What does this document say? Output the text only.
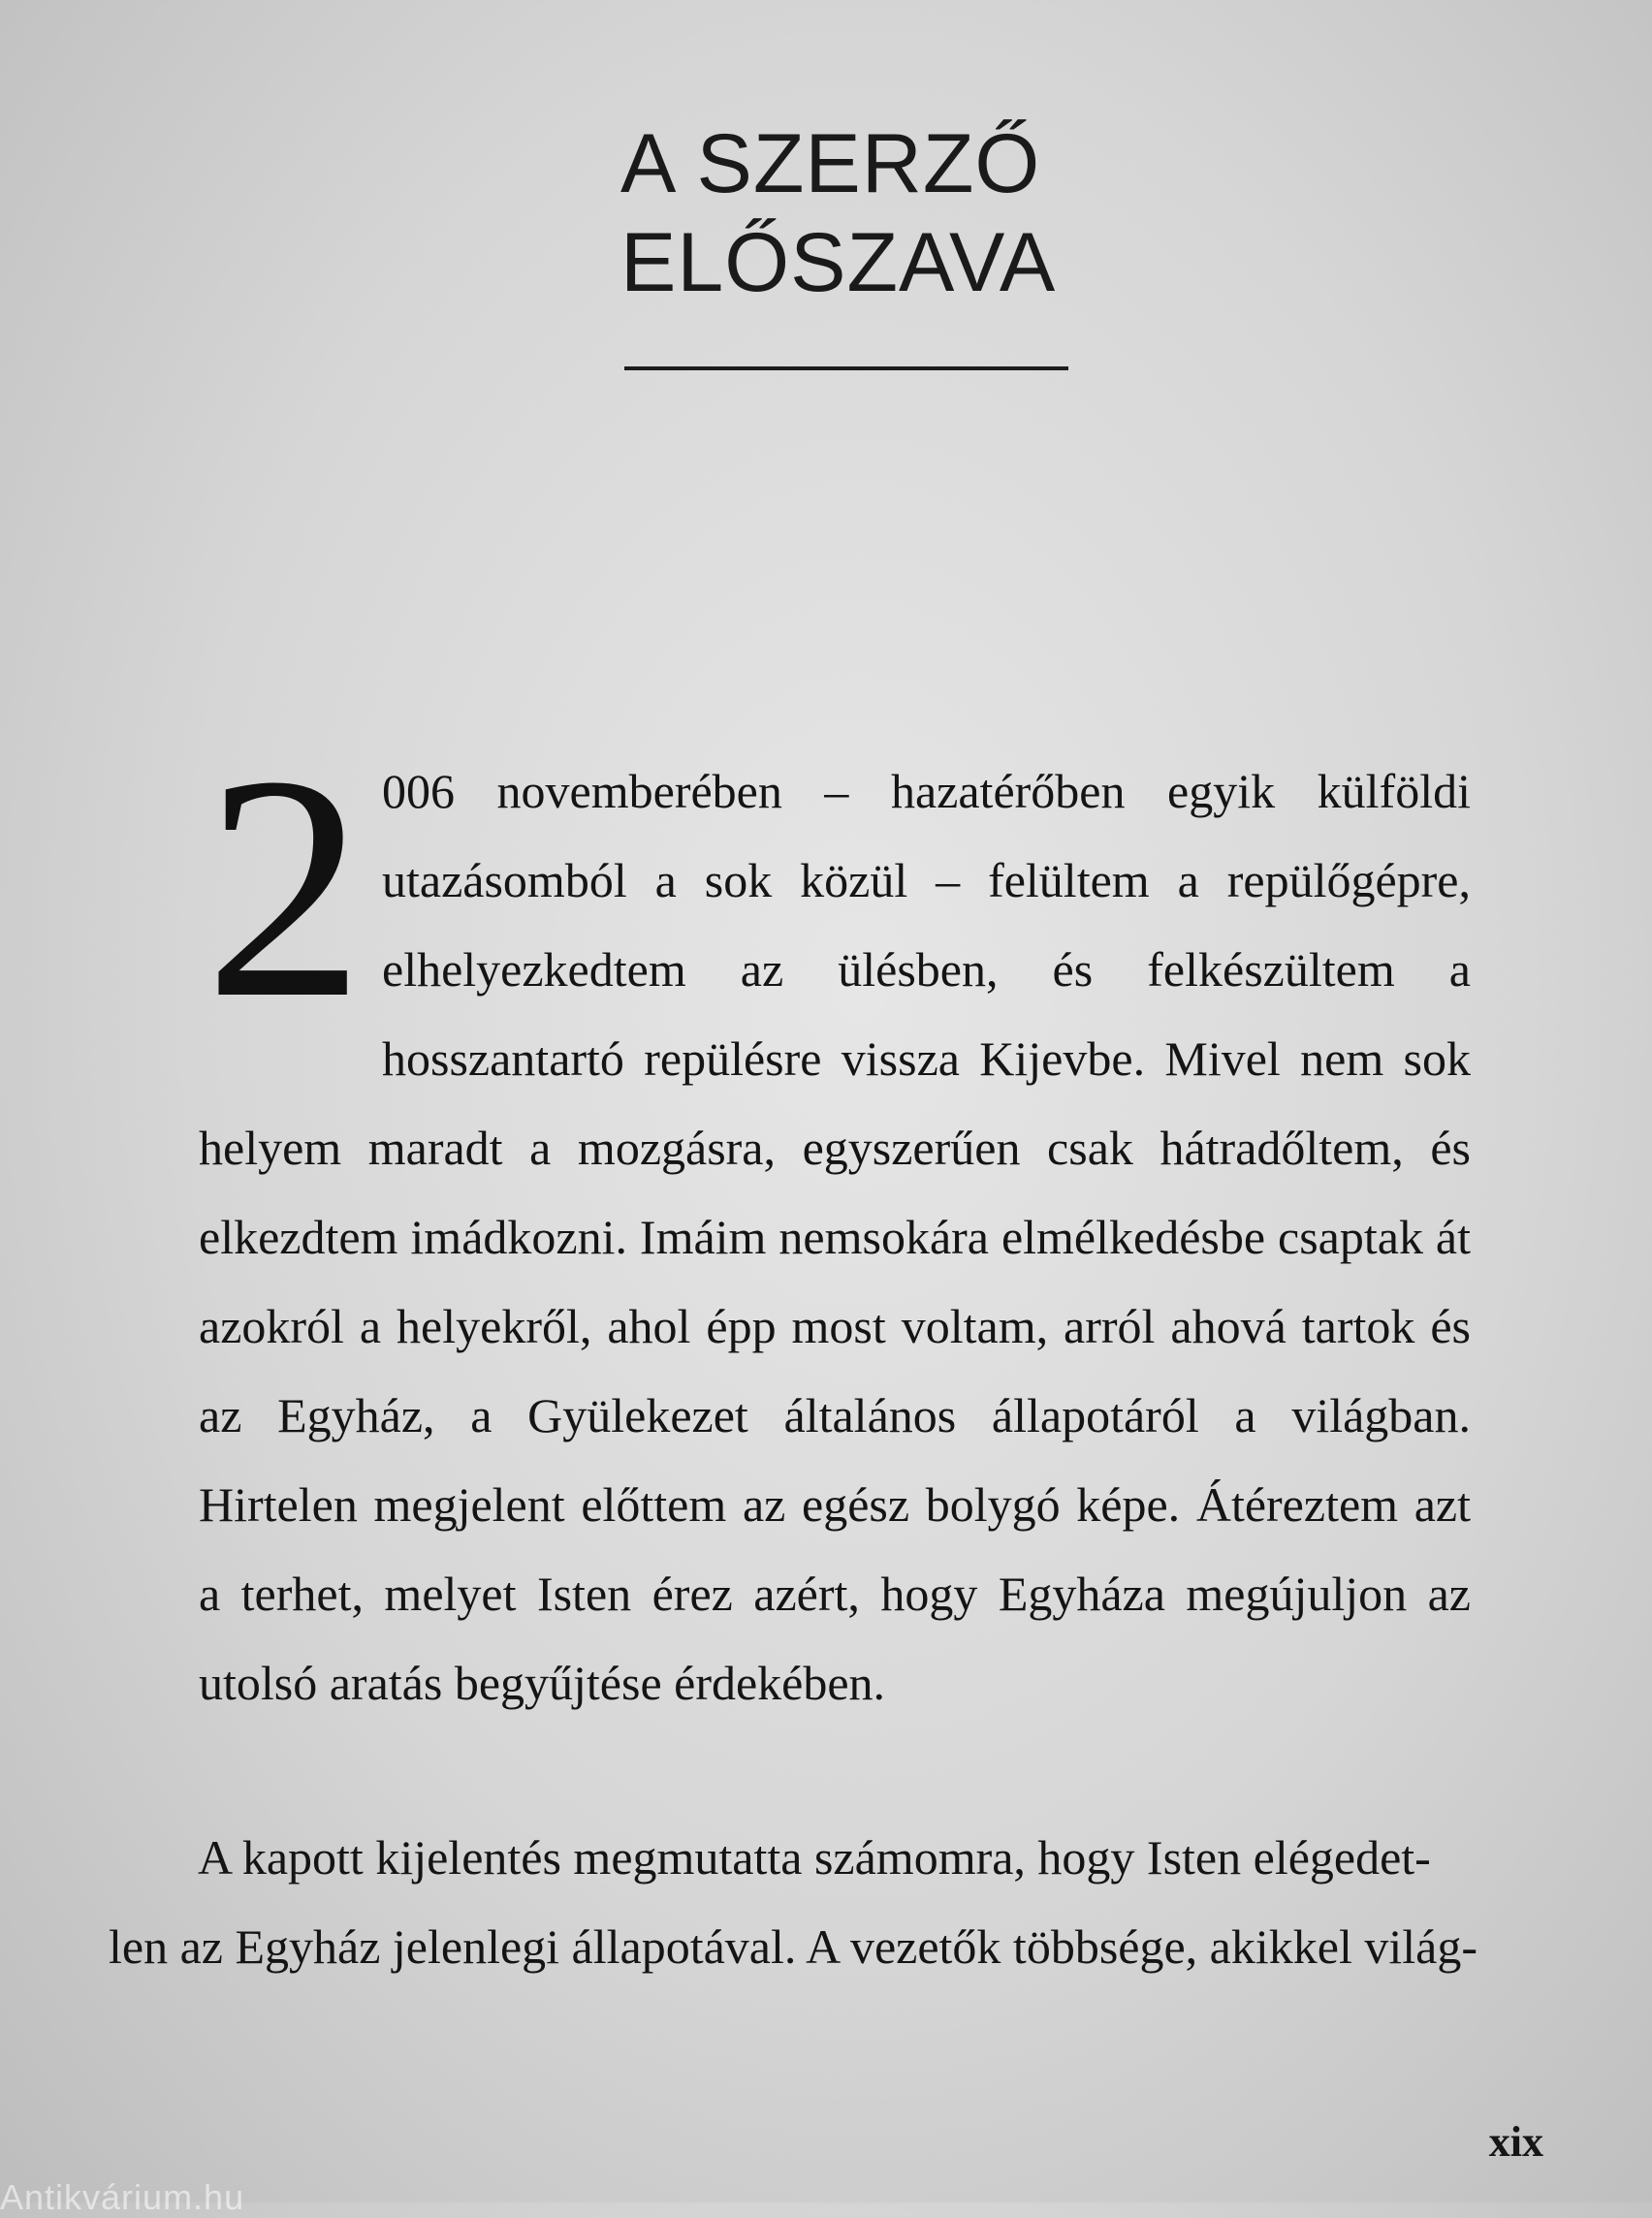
A SZERZŐ
ELŐSZAVA

2 006 novemberében – hazatérőben egyik külföldi utazásomból a sok közül – felültem a repülőgépre, elhelyezkedtem az ülésben, és felkészültem a hosszantartó repülésre vissza Kijevbe. Mivel nem sok helyem maradt a mozgásra, egyszerűen csak hátradőltem, és elkezdtem imádkozni. Imáim nemsokára elmélkedésbe csaptak át azokról a helyekről, ahol épp most voltam, arról ahová tartok és az Egyház, a Gyülekezet általános állapotáról a világban. Hirtelen megjelent előttem az egész bolygó képe. Átéreztem azt a terhet, melyet Isten érez azért, hogy Egyháza megújuljon az utolsó aratás begyűjtése érdekében.

A kapott kijelentés megmutatta számomra, hogy Isten elégedet-
len az Egyház jelenlegi állapotával. A vezetők többsége, akikkel világ-

xix
Antikvárium.hu
